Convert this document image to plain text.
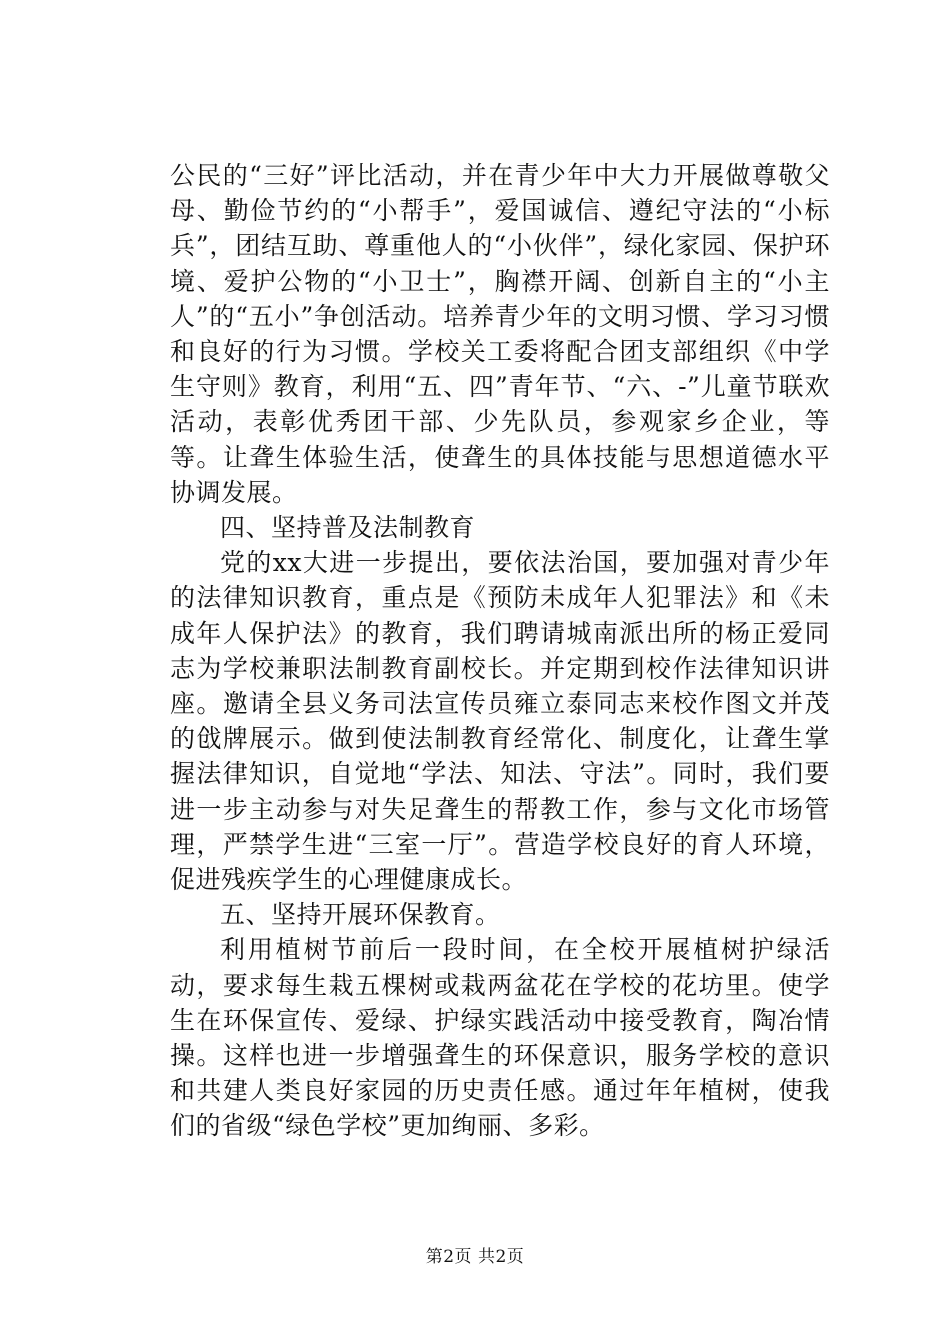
公民的“三好”评比活动，并在青少年中大力开展做尊敬父母、勤俭节约的“小帮手”，爱国诚信、遵纪守法的“小标兵”，团结互助、尊重他人的“小伙伴”，绿化家园、保护环境、爱护公物的“小卫士”，胸襟开阔、创新自主的“小主人”的“五小”争创活动。培养青少年的文明习惯、学习习惯和良好的行为习惯。学校关工委将配合团支部组织《中学生守则》教育，利用“五、四”青年节、“六、-”儿童节联欢活动，表彰优秀团干部、少先队员，参观家乡企业，等等。让聋生体验生活，使聋生的具体技能与思想道德水平协调发展。

四、坚持普及法制教育

党的xx大进一步提出，要依法治国，要加强对青少年的法律知识教育，重点是《预防未成年人犯罪法》和《未成年人保护法》的教育，我们聘请城南派出所的杨正爱同志为学校兼职法制教育副校长。并定期到校作法律知识讲座。邀请全县义务司法宣传员雍立泰同志来校作图文并茂的戗牌展示。做到使法制教育经常化、制度化，让聋生掌握法律知识，自觉地“学法、知法、守法”。同时，我们要进一步主动参与对失足聋生的帮教工作，参与文化市场管理，严禁学生进“三室一厅”。营造学校良好的育人环境，促进残疾学生的心理健康成长。

五、坚持开展环保教育。

利用植树节前后一段时间，在全校开展植树护绿活动，要求每生栽五棵树或栽两盆花在学校的花坊里。使学生在环保宣传、爱绿、护绿实践活动中接受教育，陶冶情操。这样也进一步增强聋生的环保意识，服务学校的意识和共建人类良好家园的历史责任感。通过年年植树，使我们的省级“绿色学校”更加绚丽、多彩。

第2页 共2页
